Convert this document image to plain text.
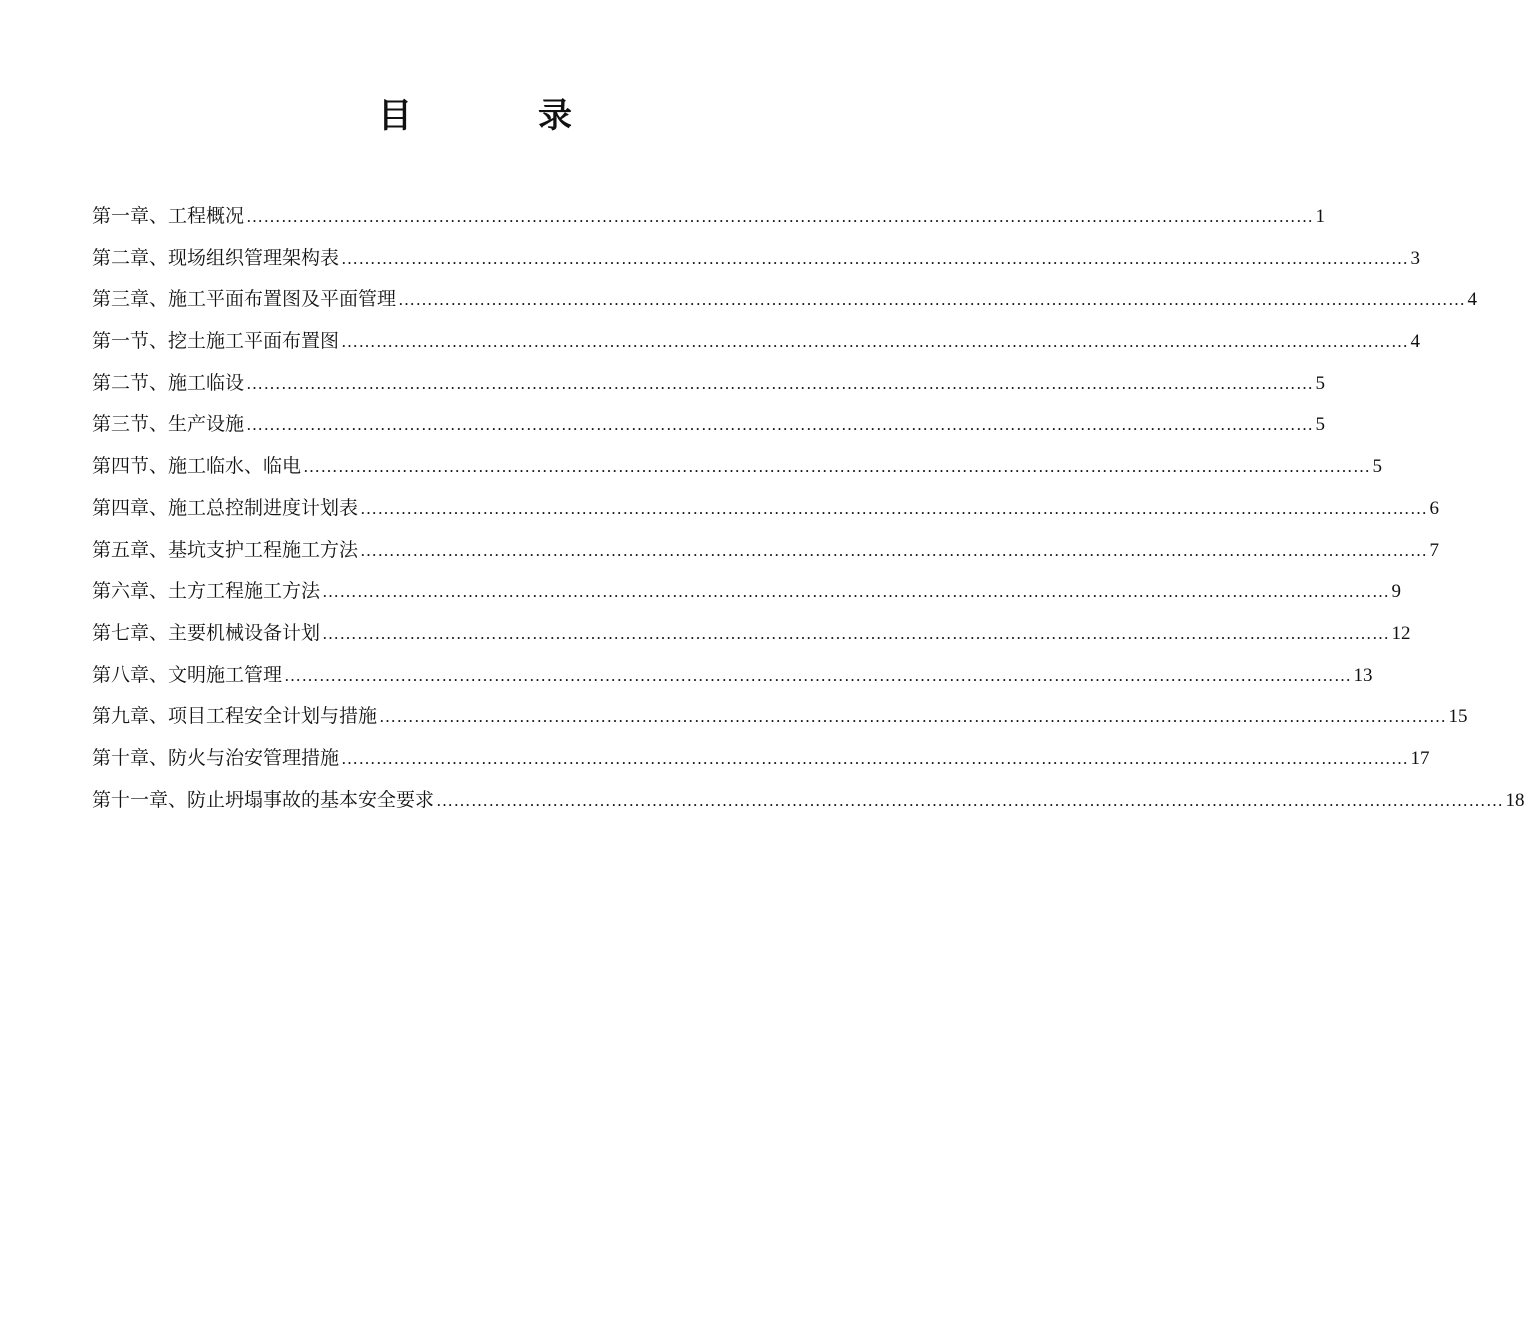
目　录
第一章、工程概况 ………………………………………………………………………………………………………………………………………………………………… 1
第二章、现场组织管理架构表 ………………………………………………………………………………………………………………………………………………………………… 3
第三章、施工平面布置图及平面管理 ………………………………………………………………………………………………………………………………………………………………… 4
第一节、挖土施工平面布置图 ………………………………………………………………………………………………………………………………………………………………… 4
第二节、施工临设 ………………………………………………………………………………………………………………………………………………………………… 5
第三节、生产设施 ………………………………………………………………………………………………………………………………………………………………… 5
第四节、施工临水、临电 ………………………………………………………………………………………………………………………………………………………………… 5
第四章、施工总控制进度计划表 ………………………………………………………………………………………………………………………………………………………………… 6
第五章、基坑支护工程施工方法 ………………………………………………………………………………………………………………………………………………………………… 7
第六章、土方工程施工方法 ………………………………………………………………………………………………………………………………………………………………… 9
第七章、主要机械设备计划 ………………………………………………………………………………………………………………………………………………………………… 12
第八章、文明施工管理 ………………………………………………………………………………………………………………………………………………………………… 13
第九章、项目工程安全计划与措施 ………………………………………………………………………………………………………………………………………………………………… 15
第十章、防火与治安管理措施 ………………………………………………………………………………………………………………………………………………………………… 17
第十一章、防止坍塌事故的基本安全要求 ………………………………………………………………………………………………………………………………………………………………… 18
